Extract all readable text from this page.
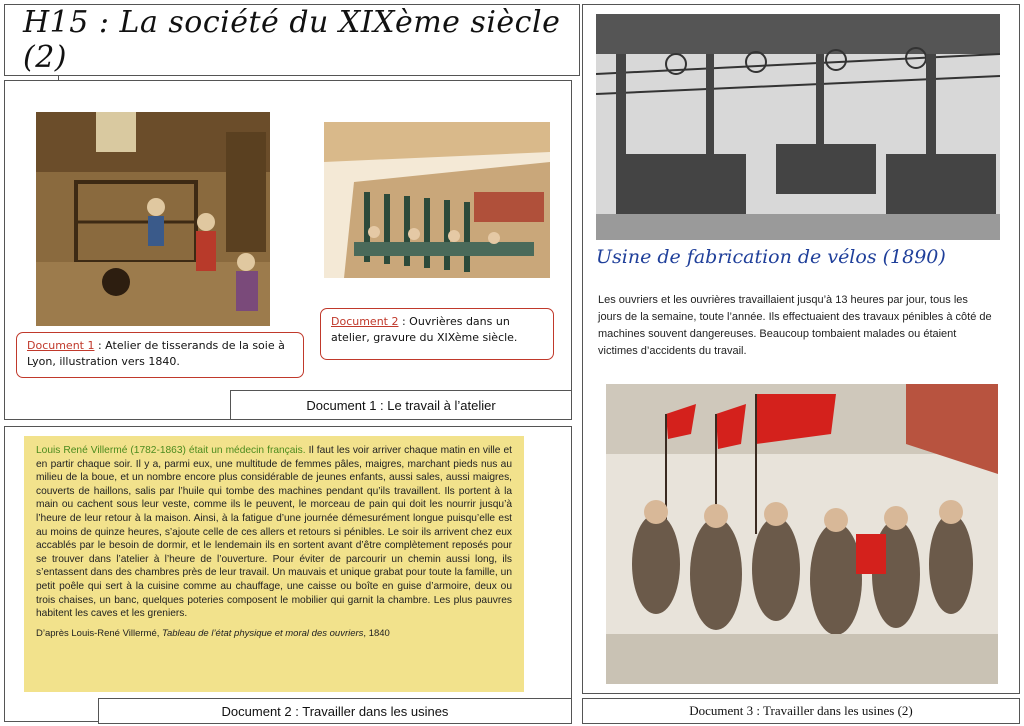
H15 : La société du XIXème siècle (2)
Document 1 : Atelier de tisserands de la soie à Lyon, illustration vers 1840.
Document 2 : Ouvrières dans un atelier, gravure du XIXème siècle.
Document 1 : Le travail à l’atelier
Louis René Villermé (1782-1863) était un médecin français. Il faut les voir arriver chaque matin en ville et en partir chaque soir. Il y a, parmi eux, une multitude de femmes pâles, maigres, marchant pieds nus au milieu de la boue, et un nombre encore plus considérable de jeunes enfants, aussi sales, aussi maigres, couverts de haillons, salis par l’huile qui tombe des machines pendant qu’ils travaillent. Ils portent à la main ou cachent sous leur veste, comme ils le peuvent, le morceau de pain qui doit les nourrir jusqu’à l’heure de leur retour à la maison. Ainsi, à la fatigue d’une journée démesurément longue puisqu’elle est au moins de quinze heures, s’ajoute celle de ces allers et retours si pénibles. Le soir ils arrivent chez eux accablés par le besoin de dormir, et le lendemain ils en sortent avant d’être complètement reposés pour se trouver dans l’atelier à l’heure de l’ouverture. Pour éviter de parcourir un chemin aussi long, ils s’entassent dans des chambres près de leur travail. Un mauvais et unique grabat pour toute la famille, un petit poêle qui sert à la cuisine comme au chauffage, une caisse ou boîte en guise d’armoire, deux ou trois chaises, un banc, quelques poteries composent le mobilier qui garnit la chambre. Les plus pauvres habitent les caves et les greniers.
D’après Louis-René Villermé, Tableau de l’état physique et moral des ouvriers, 1840
Document 2 : Travailler dans les usines
Usine de fabrication de vélos (1890)
Les ouvriers et les ouvrières travaillaient jusqu’à 13 heures par jour, tous les jours de la semaine, toute l’année. Ils effectuaient des travaux pénibles à côté de machines souvent dangereuses. Beaucoup tombaient malades ou étaient victimes d’accidents du travail.
Document 3 : Travailler dans les usines (2)
